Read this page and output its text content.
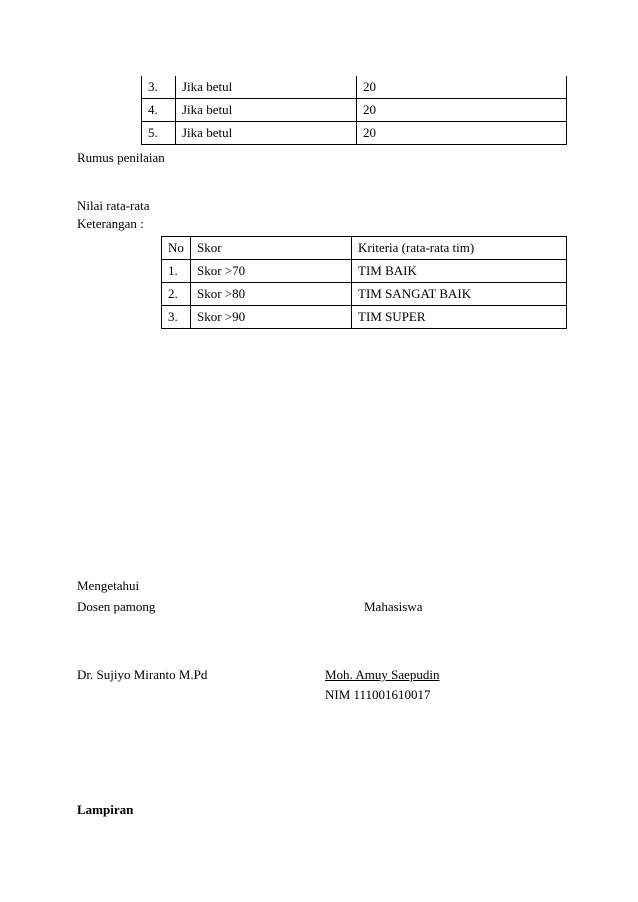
3.	Jika betul	20
4.	Jika betul	20
5.	Jika betul	20
Rumus penilaian
Nilai rata-rata
Keterangan :
No	Skor	Kriteria (rata-rata tim)
1.	Skor >70	TIM BAIK
2.	Skor >80	TIM SANGAT BAIK
3.	Skor >90	TIM SUPER
Mengetahui
Dosen pamong	Mahasiswa
Dr. Sujiyo Miranto M.Pd	Moh. Amuy Saepudin
NIM 111001610017
Lampiran
